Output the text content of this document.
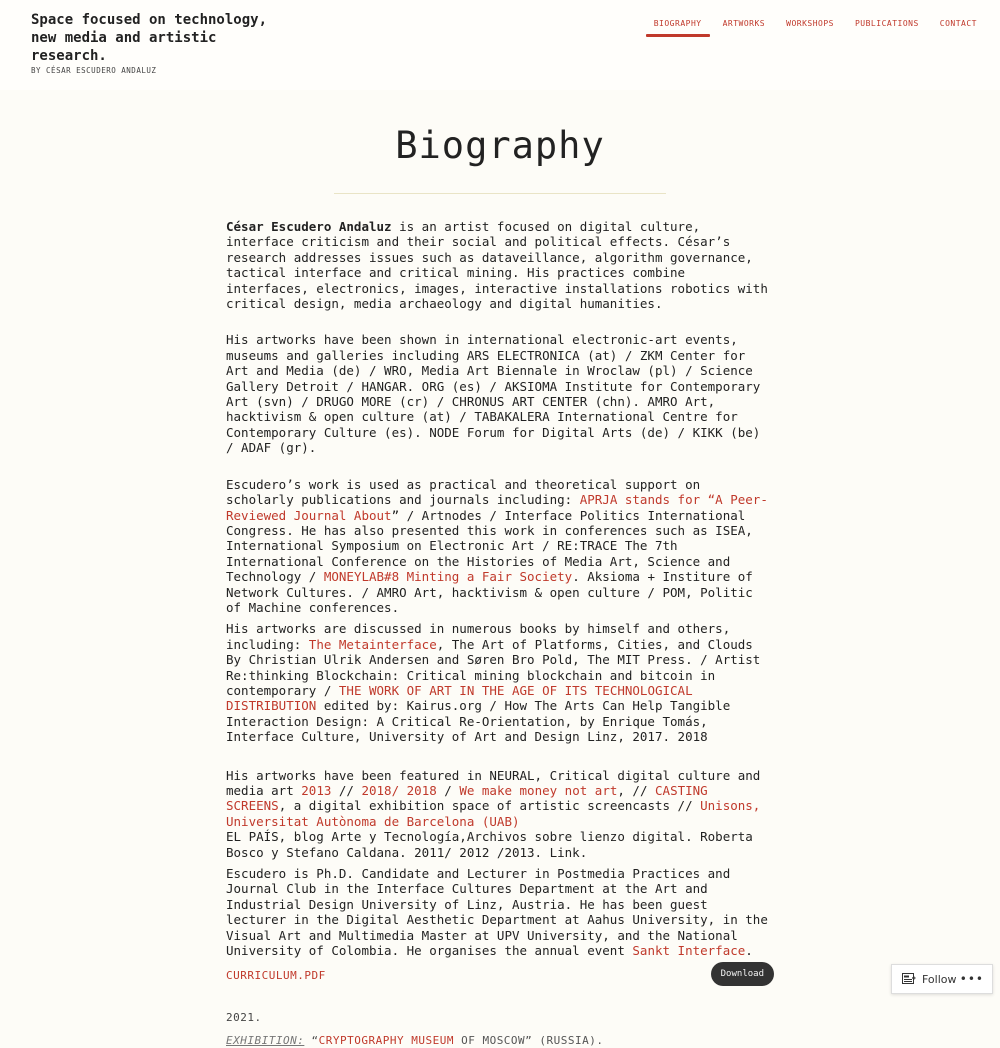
Space focused on technology, new media and artistic research.
BY CÉSAR ESCUDERO ANDALUZ
BIOGRAPHY	ARTWORKS	WORKSHOPS	PUBLICATIONS	CONTACT
Biography

César Escudero Andaluz is an artist focused on digital culture, interface criticism and their social and political effects. César’s research addresses issues such as dataveillance, algorithm governance, tactical interface and critical mining. His practices combine interfaces, electronics, images, interactive installations robotics with critical design, media archaeology and digital humanities.

His artworks have been shown in international electronic-art events, museums and galleries including ARS ELECTRONICA (at) / ZKM Center for Art and Media (de) / WRO, Media Art Biennale in Wroclaw (pl) / Science Gallery Detroit / HANGAR. ORG (es) / AKSIOMA Institute for Contemporary Art (svn) / DRUGO MORE (cr) / CHRONUS ART CENTER (chn). AMRO Art, hacktivism & open culture (at) / TABAKALERA International Centre for Contemporary Culture (es). NODE Forum for Digital Arts (de) / KIKK (be) / ADAF (gr).

Escudero’s work is used as practical and theoretical support on scholarly publications and journals including: APRJA stands for “A Peer-Reviewed Journal About” / Artnodes / Interface Politics International Congress. He has also presented this work in conferences such as ISEA, International Symposium on Electronic Art / RE:TRACE The 7th International Conference on the Histories of Media Art, Science and Technology / MONEYLAB#8 Minting a Fair Society. Aksioma + Institure of Network Cultures. / AMRO Art, hacktivism & open culture / POM, Politic of Machine conferences.

His artworks are discussed in numerous books by himself and others, including: The Metainterface, The Art of Platforms, Cities, and Clouds By Christian Ulrik Andersen and Søren Bro Pold, The MIT Press. / Artist Re:thinking Blockchain: Critical mining blockchain and bitcoin in contemporary / THE WORK OF ART IN THE AGE OF ITS TECHNOLOGICAL DISTRIBUTION edited by: Kairus.org / How The Arts Can Help Tangible Interaction Design: A Critical Re-Orientation, by Enrique Tomás, Interface Culture, University of Art and Design Linz, 2017. 2018

His artworks have been featured in NEURAL, Critical digital culture and media art 2013 // 2018/ 2018 / We make money not art, // CASTING SCREENS, a digital exhibition space of artistic screencasts // Unisons, Universitat Autònoma de Barcelona (UAB)

EL PAÍS, blog Arte y Tecnología,Archivos sobre lienzo digital. Roberta Bosco y Stefano Caldana. 2011/ 2012 /2013. Link.

Escudero is Ph.D. Candidate and Lecturer in Postmedia Practices and Journal Club in the Interface Cultures Department at the Art and Industrial Design University of Linz, Austria. He has been guest lecturer in the Digital Aesthetic Department at Aahus University, in the Visual Art and Multimedia Master at UPV University, and the National University of Colombia. He organises the annual event Sankt Interface.

CURRICULUM.PDF	Download
2021.
EXHIBITION: “CRYPTOGRAPHY MUSEUM OF MOSCOW” (RUSSIA).
Follow •••
